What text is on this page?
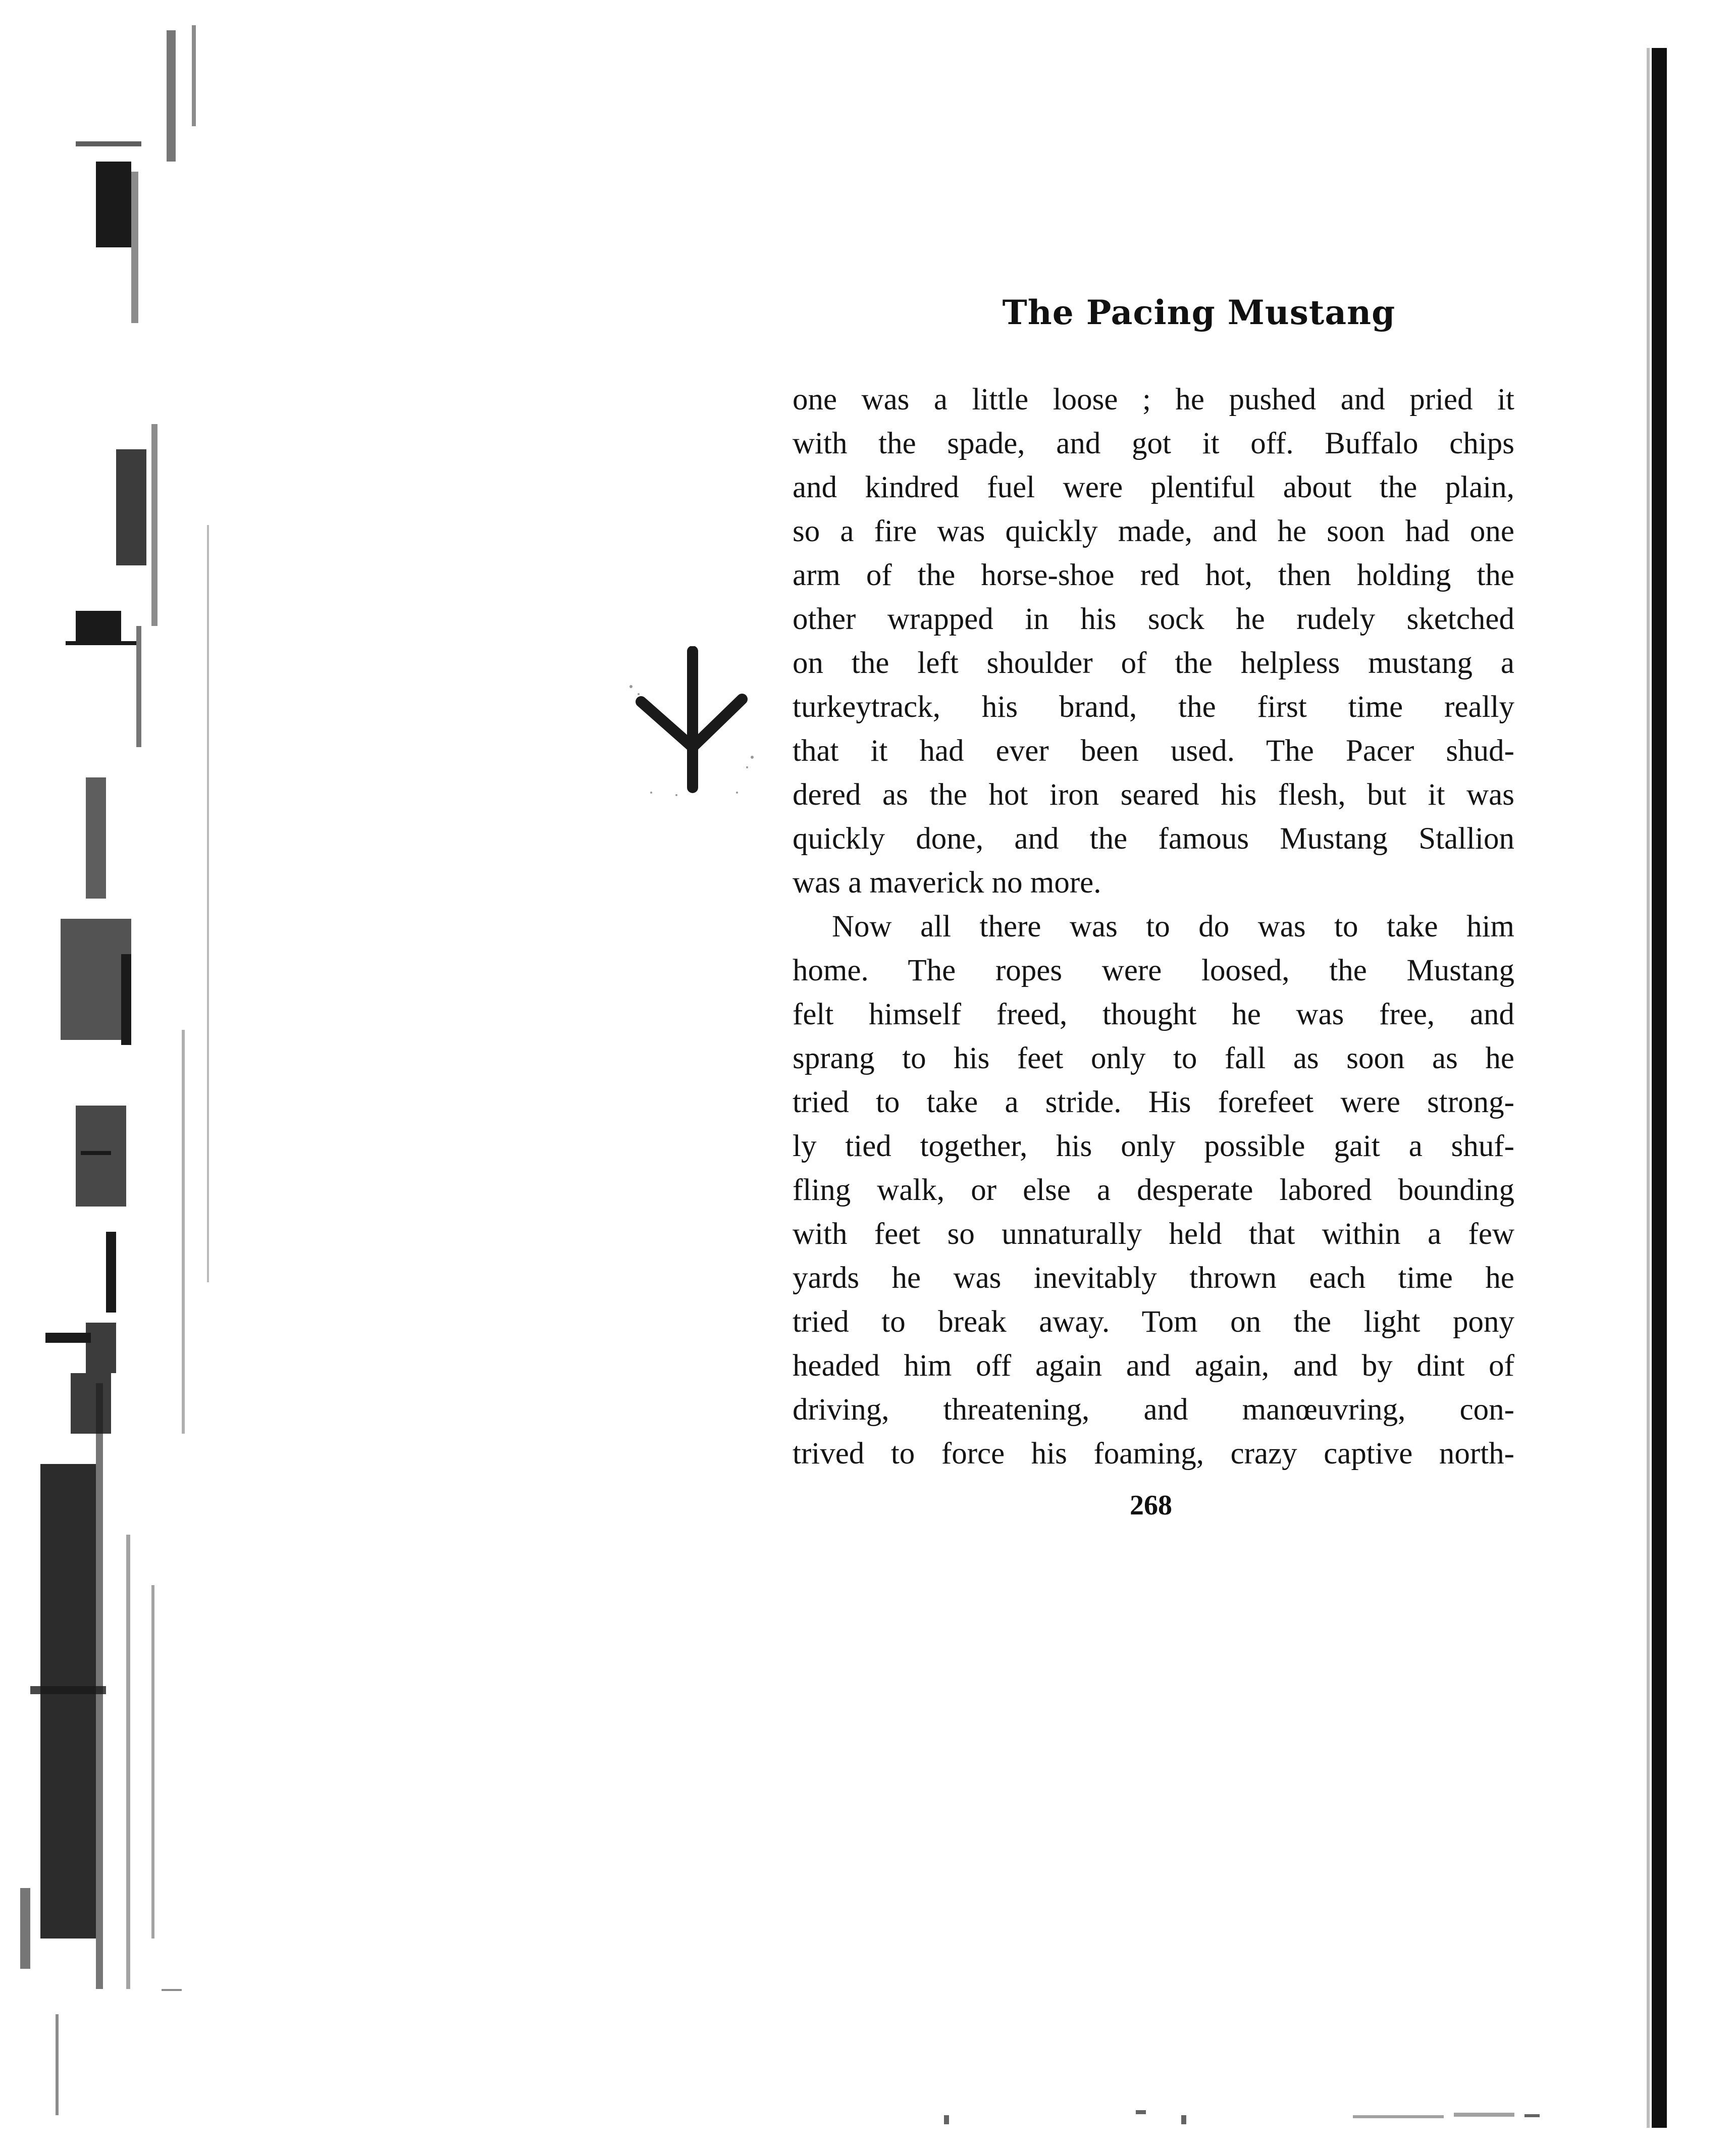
The Pacing Mustang
one was a little loose ; he pushed and pried it
with the spade, and got it off. Buffalo chips
and kindred fuel were plentiful about the plain,
so a fire was quickly made, and he soon had one
arm of the horse-shoe red hot, then holding the
other wrapped in his sock he rudely sketched
on the left shoulder of the helpless mustang a
turkeytrack, his brand, the first time really
that it had ever been used. The Pacer shud-
dered as the hot iron seared his flesh, but it was
quickly done, and the famous Mustang Stallion
was a maverick no more.
Now all there was to do was to take him
home. The ropes were loosed, the Mustang
felt himself freed, thought he was free, and
sprang to his feet only to fall as soon as he
tried to take a stride. His forefeet were strong-
ly tied together, his only possible gait a shuf-
fling walk, or else a desperate labored bounding
with feet so unnaturally held that within a few
yards he was inevitably thrown each time he
tried to break away. Tom on the light pony
headed him off again and again, and by dint of
driving, threatening, and manœuvring, con-
trived to force his foaming, crazy captive north-
268
